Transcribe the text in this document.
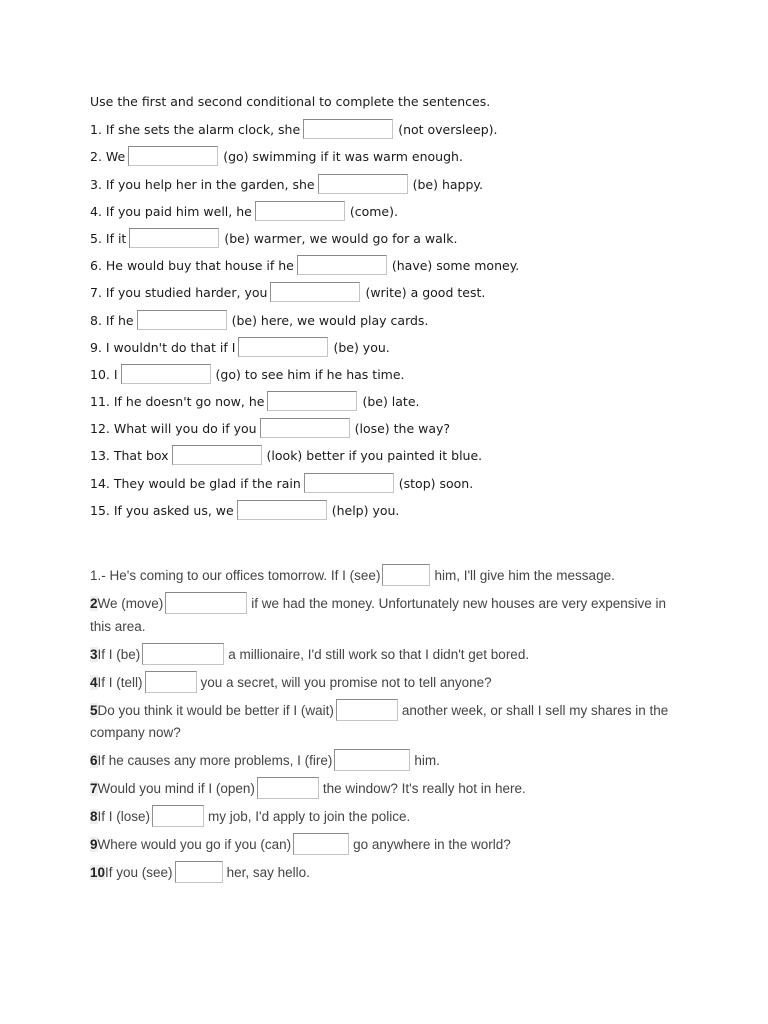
Use the first and second conditional to complete the sentences.
1. If she sets the alarm clock, she	(not oversleep).
2. We	(go) swimming if it was warm enough.
3. If you help her in the garden, she	(be) happy.
4. If you paid him well, he	(come).
5. If it	(be) warmer, we would go for a walk.
6. He would buy that house if he	(have) some money.
7. If you studied harder, you	(write) a good test.
8. If he	(be) here, we would play cards.
9. I wouldn't do that if I	(be) you.
10. I	(go) to see him if he has time.
11. If he doesn't go now, he	(be) late.
12. What will you do if you	(lose) the way?
13. That box	(look) better if you painted it blue.
14. They would be glad if the rain	(stop) soon.
15. If you asked us, we	(help) you.
1.- He's coming to our offices tomorrow. If I (see)	him, I'll give him the message.
2We (move)	if we had the money. Unfortunately new houses are very expensive in this area.
3If I (be)	a millionaire, I'd still work so that I didn't get bored.
4If I (tell)	you a secret, will you promise not to tell anyone?
5Do you think it would be better if I (wait)	another week, or shall I sell my shares in the company now?
6If he causes any more problems, I (fire)	him.
7Would you mind if I (open)	the window? It's really hot in here.
8If I (lose)	my job, I'd apply to join the police.
9Where would you go if you (can)	go anywhere in the world?
10If you (see)	her, say hello.
